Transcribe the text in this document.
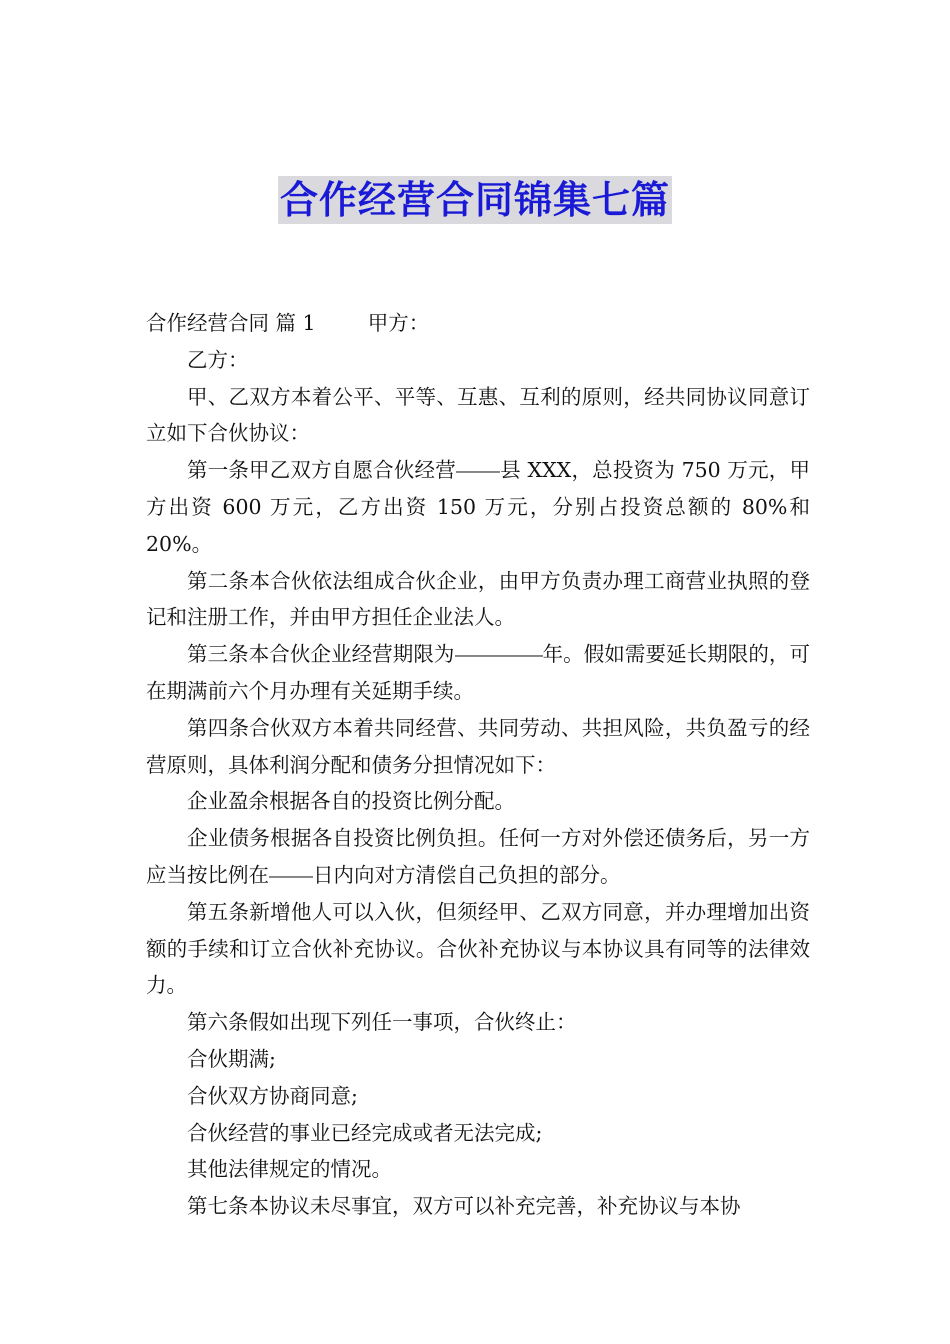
合作经营合同锦集七篇

合作经营合同 篇 1	甲方：

乙方：

甲、乙双方本着公平、平等、互惠、互利的原则，经共同协议同意订立如下合伙协议：

第一条甲乙双方自愿合伙经营 县 XXX，总投资为 750 万元，甲方出资 600 万元，乙方出资 150 万元，分别占投资总额的 80%和 20%。

第二条本合伙依法组成合伙企业，由甲方负责办理工商营业执照的登记和注册工作，并由甲方担任企业法人。

第三条本合伙企业经营期限为	年。假如需要延长期限的，可在期满前六个月办理有关延期手续。

第四条合伙双方本着共同经营、共同劳动、共担风险，共负盈亏的经营原则，具体利润分配和债务分担情况如下：

企业盈余根据各自的投资比例分配。

企业债务根据各自投资比例负担。任何一方对外偿还债务后，另一方应当按比例在 日内向对方清偿自己负担的部分。

第五条新增他人可以入伙，但须经甲、乙双方同意，并办理增加出资额的手续和订立合伙补充协议。合伙补充协议与本协议具有同等的法律效力。

第六条假如出现下列任一事项，合伙终止：

合伙期满;

合伙双方协商同意;

合伙经营的事业已经完成或者无法完成;

其他法律规定的情况。

第七条本协议未尽事宜，双方可以补充完善，补充协议与本协
